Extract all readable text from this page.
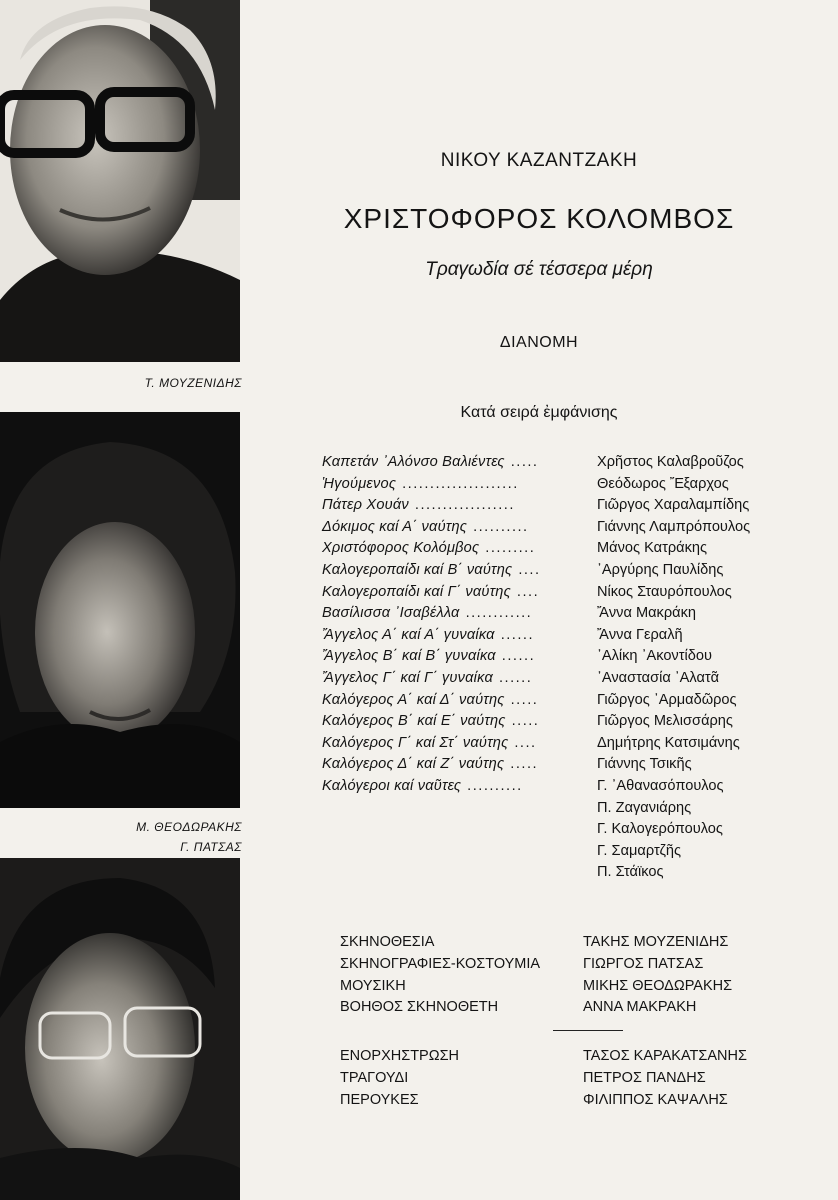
Τ. ΜΟΥΖΕΝΙΔΗΣ
Μ. ΘΕΟΔΩΡΑΚΗΣ
Γ. ΠΑΤΣΑΣ
ΝΙΚΟΥ ΚΑΖΑΝΤΖΑΚΗ
ΧΡΙΣΤΟΦΟΡΟΣ ΚΟΛΟΜΒΟΣ
Τραγωδία σέ τέσσερα μέρη
ΔΙΑΝΟΜΗ
Κατά σειρά ἐμφάνισης
Καπετάν ᾿Αλόνσο Βαλιέντες .....	Χρῆστος Καλαβροῦζος
Ἡγούμενος .....................	Θεόδωρος Ἔξαρχος
Πάτερ Χουάν ..................	Γιῶργος Χαραλαμπίδης
Δόκιμος καί Α΄ ναύτης ..........	Γιάννης Λαμπρόπουλος
Χριστόφορος Κολόμβος .........	Μάνος Κατράκης
Καλογεροπαίδι καί Β΄ ναύτης ....	᾿Αργύρης Παυλίδης
Καλογεροπαίδι καί Γ΄ ναύτης ....	Νίκος Σταυρόπουλος
Βασίλισσα ᾿Ισαβέλλα ............	Ἄννα Μακράκη
Ἄγγελος Α΄ καί Α΄ γυναίκα ......	Ἄννα Γεραλῆ
Ἄγγελος Β΄ καί Β΄ γυναίκα ......	᾿Αλίκη ᾿Ακοντίδου
Ἄγγελος Γ΄ καί Γ΄ γυναίκα ......	᾿Αναστασία ᾿Αλατᾶ
Καλόγερος Α΄ καί Δ΄ ναύτης .....	Γιῶργος ᾿Αρμαδῶρος
Καλόγερος Β΄ καί Ε΄ ναύτης .....	Γιῶργος Μελισσάρης
Καλόγερος Γ΄ καί Στ΄ ναύτης ....	Δημήτρης Κατσιμάνης
Καλόγερος Δ΄ καί Ζ΄ ναύτης .....	Γιάννης Τσικῆς
Καλόγεροι καί ναῦτες ..........	Γ. ᾿Αθανασόπουλος
Π. Ζαγανιάρης
Γ. Καλογερόπουλος
Γ. Σαμαρτζῆς
Π. Στάϊκος
ΣΚΗΝΟΘΕΣΙΑ	ΤΑΚΗΣ ΜΟΥΖΕΝΙΔΗΣ
ΣΚΗΝΟΓΡΑΦΙΕΣ-ΚΟΣΤΟΥΜΙΑ	ΓΙΩΡΓΟΣ ΠΑΤΣΑΣ
ΜΟΥΣΙΚΗ	ΜΙΚΗΣ ΘΕΟΔΩΡΑΚΗΣ
ΒΟΗΘΟΣ ΣΚΗΝΟΘΕΤΗ	ΑΝΝΑ ΜΑΚΡΑΚΗ
ΕΝΟΡΧΗΣΤΡΩΣΗ	ΤΑΣΟΣ ΚΑΡΑΚΑΤΣΑΝΗΣ
ΤΡΑΓΟΥΔΙ	ΠΕΤΡΟΣ ΠΑΝΔΗΣ
ΠΕΡΟΥΚΕΣ	ΦΙΛΙΠΠΟΣ ΚΑΨΑΛΗΣ
